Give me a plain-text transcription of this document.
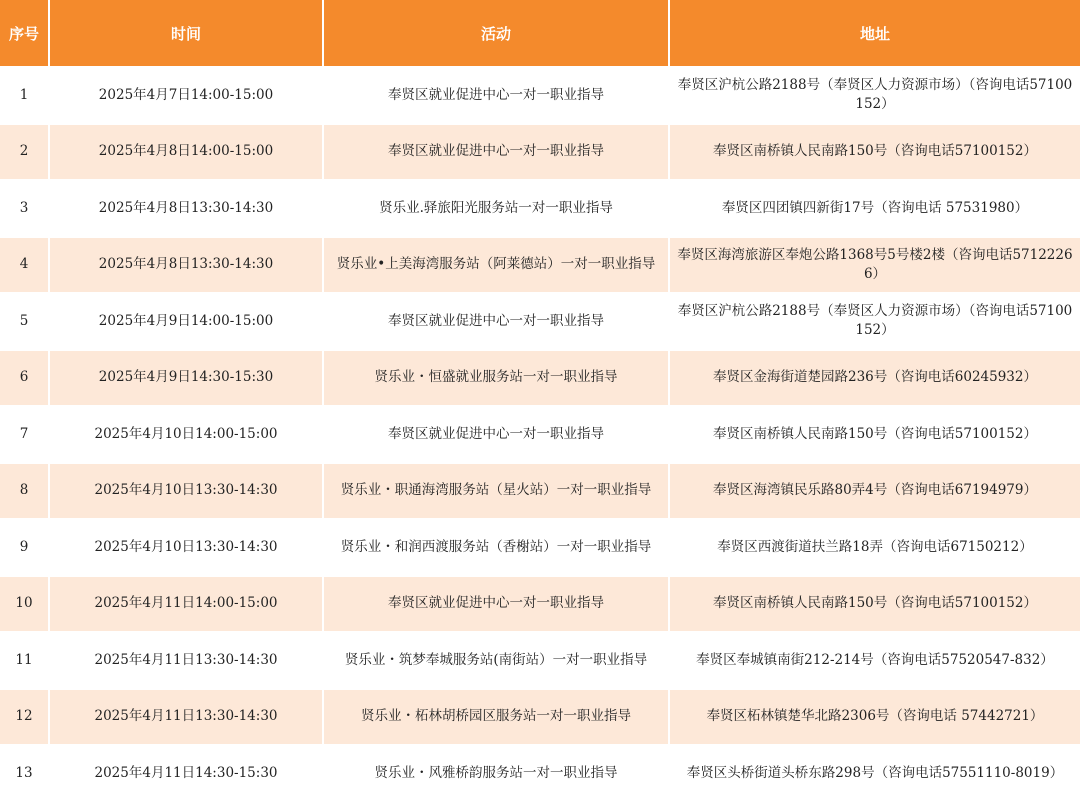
序号	时间	活动	地址
1	2025年4月7日14:00-15:00	奉贤区就业促进中心一对一职业指导	奉贤区沪杭公路2188号（奉贤区人力资源市场）（咨询电话57100152）
2	2025年4月8日14:00-15:00	奉贤区就业促进中心一对一职业指导	奉贤区南桥镇人民南路150号（咨询电话57100152）
3	2025年4月8日13:30-14:30	贤乐业.驿旅阳光服务站一对一职业指导	奉贤区四团镇四新街17号（咨询电话 57531980）
4	2025年4月8日13:30-14:30	贤乐业•上美海湾服务站（阿莱德站）一对一职业指导	奉贤区海湾旅游区奉炮公路1368号5号楼2楼（咨询电话57122266）
5	2025年4月9日14:00-15:00	奉贤区就业促进中心一对一职业指导	奉贤区沪杭公路2188号（奉贤区人力资源市场）（咨询电话57100152）
6	2025年4月9日14:30-15:30	贤乐业・恒盛就业服务站一对一职业指导	奉贤区金海街道楚园路236号（咨询电话60245932）
7	2025年4月10日14:00-15:00	奉贤区就业促进中心一对一职业指导	奉贤区南桥镇人民南路150号（咨询电话57100152）
8	2025年4月10日13:30-14:30	贤乐业・职通海湾服务站（星火站）一对一职业指导	奉贤区海湾镇民乐路80弄4号（咨询电话67194979）
9	2025年4月10日13:30-14:30	贤乐业・和润西渡服务站（香榭站）一对一职业指导	奉贤区西渡街道扶兰路18弄（咨询电话67150212）
10	2025年4月11日14:00-15:00	奉贤区就业促进中心一对一职业指导	奉贤区南桥镇人民南路150号（咨询电话57100152）
11	2025年4月11日13:30-14:30	贤乐业・筑梦奉城服务站(南街站）一对一职业指导	奉贤区奉城镇南街212-214号（咨询电话57520547-832）
12	2025年4月11日13:30-14:30	贤乐业・柘林胡桥园区服务站一对一职业指导	奉贤区柘林镇楚华北路2306号（咨询电话 57442721）
13	2025年4月11日14:30-15:30	贤乐业・风雅桥韵服务站一对一职业指导	奉贤区头桥街道头桥东路298号（咨询电话57551110-8019）
